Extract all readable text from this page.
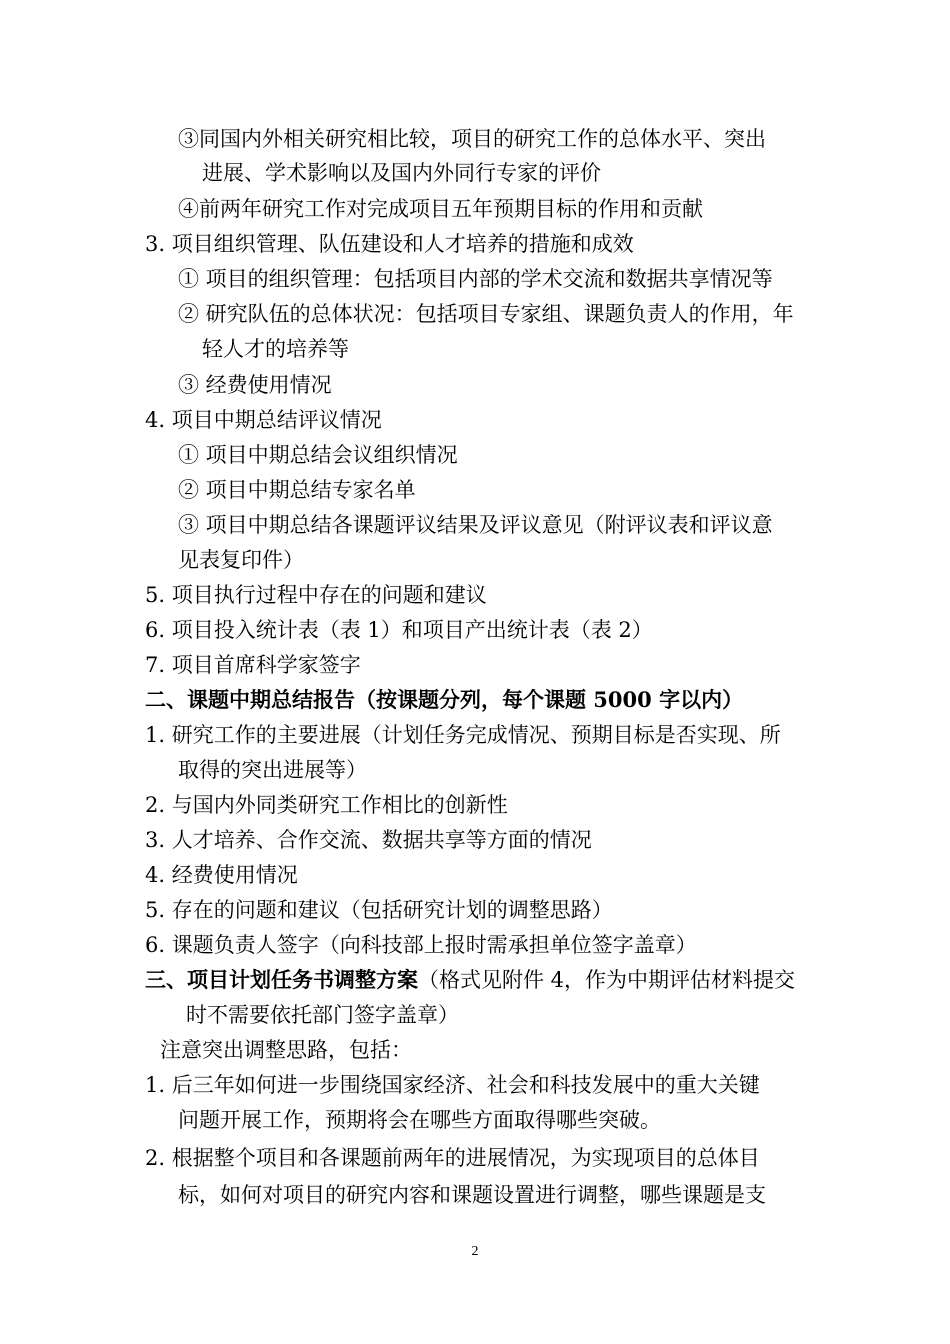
③同国内外相关研究相比较，项目的研究工作的总体水平、突出
进展、学术影响以及国内外同行专家的评价
④前两年研究工作对完成项目五年预期目标的作用和贡献
3. 项目组织管理、队伍建设和人才培养的措施和成效
① 项目的组织管理：包括项目内部的学术交流和数据共享情况等
② 研究队伍的总体状况：包括项目专家组、课题负责人的作用，年
轻人才的培养等
③ 经费使用情况
4. 项目中期总结评议情况
① 项目中期总结会议组织情况
② 项目中期总结专家名单
③ 项目中期总结各课题评议结果及评议意见（附评议表和评议意
见表复印件）
5. 项目执行过程中存在的问题和建议
6. 项目投入统计表（表 1）和项目产出统计表（表 2）
7. 项目首席科学家签字
二、课题中期总结报告（按课题分列，每个课题 5000 字以内）
1. 研究工作的主要进展（计划任务完成情况、预期目标是否实现、所
取得的突出进展等）
2. 与国内外同类研究工作相比的创新性
3. 人才培养、合作交流、数据共享等方面的情况
4. 经费使用情况
5. 存在的问题和建议（包括研究计划的调整思路）
6. 课题负责人签字（向科技部上报时需承担单位签字盖章）
三、项目计划任务书调整方案（格式见附件 4，作为中期评估材料提交
时不需要依托部门签字盖章）
注意突出调整思路，包括：
1. 后三年如何进一步围绕国家经济、社会和科技发展中的重大关键
问题开展工作，预期将会在哪些方面取得哪些突破。
2. 根据整个项目和各课题前两年的进展情况，为实现项目的总体目
标，如何对项目的研究内容和课题设置进行调整，哪些课题是支
2
